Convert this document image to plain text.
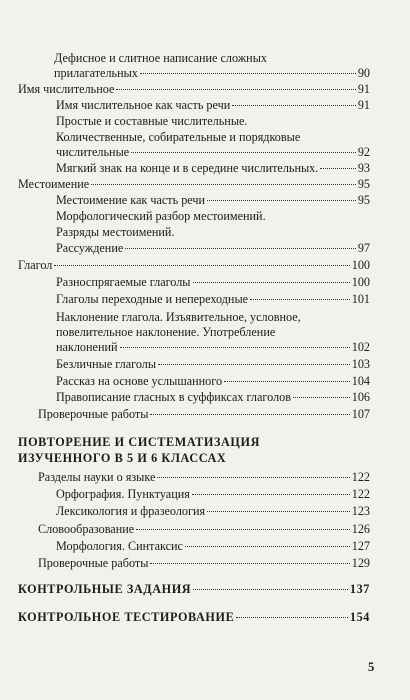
Дефисное и слитное написание сложных
прилагательных	90
Имя числительное	91
Имя числительное как часть речи	91
Простые и составные числительные.
Количественные, собирательные и порядковые
числительные	92
Мягкий знак на конце и в середине числительных.	93
Местоимение	95
Местоимение как часть речи	95
Морфологический разбор местоимений.
Разряды местоимений.
Рассуждение	97
Глагол	100
Разноспрягаемые глаголы	100
Глаголы переходные и непереходные	101
Наклонение глагола. Изъявительное, условное,
повелительное наклонение. Употребление
наклонений	102
Безличные глаголы	103
Рассказ на основе услышанного	104
Правописание гласных в суффиксах глаголов	106
Проверочные работы	107
ПОВТОРЕНИЕ И СИСТЕМАТИЗАЦИЯ
ИЗУЧЕННОГО В 5 И 6 КЛАССАХ
Разделы науки о языке	122
Орфография. Пунктуация	122
Лексикология и фразеология	123
Словообразование	126
Морфология. Синтаксис	127
Проверочные работы	129
КОНТРОЛЬНЫЕ ЗАДАНИЯ	137
КОНТРОЛЬНОЕ ТЕСТИРОВАНИЕ	154
5
